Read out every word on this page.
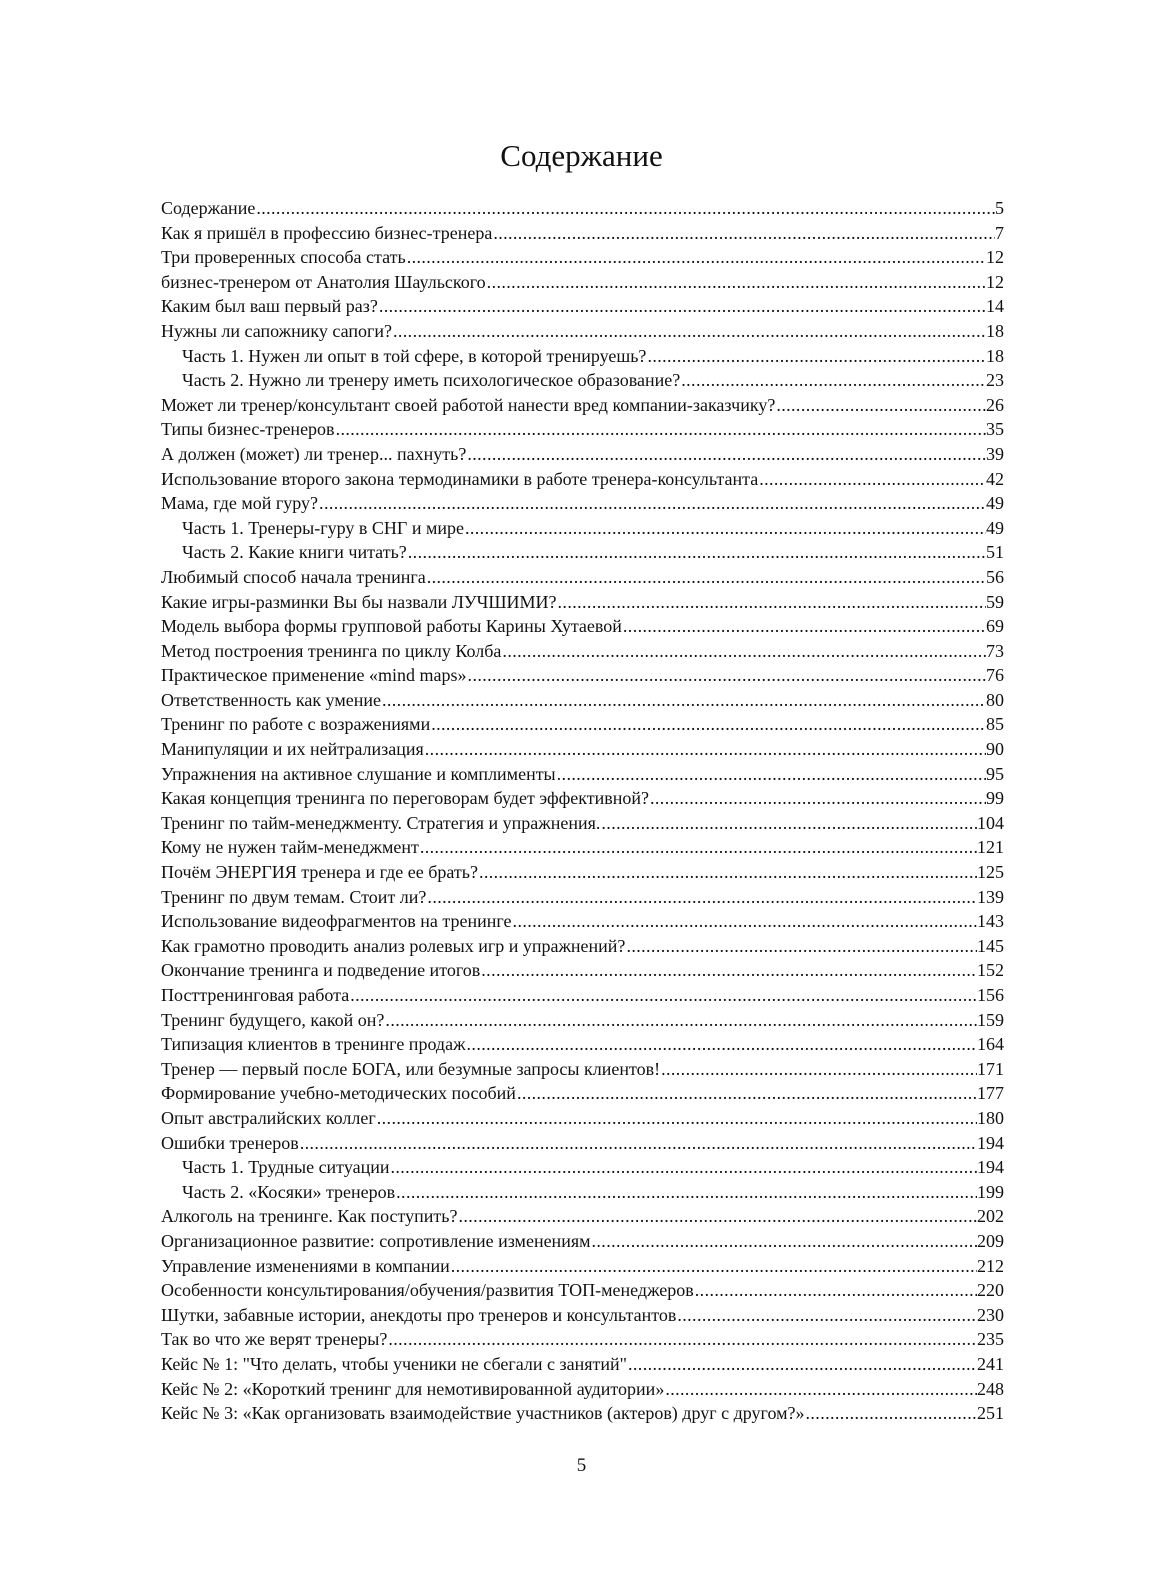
Содержание
Содержание .....	5
Как я пришёл в профессию бизнес-тренера .....	7
Три проверенных способа стать .....	12
бизнес-тренером от Анатолия Шаульского .....	12
Каким был ваш первый раз? .....	14
Нужны ли сапожнику сапоги? .....	18
Часть 1. Нужен ли опыт в той сфере, в которой тренируешь? .....	18
Часть 2. Нужно ли тренеру иметь психологическое образование? .....	23
Может ли тренер/консультант своей работой нанести вред компании-заказчику? .....	26
Типы бизнес-тренеров .....	35
А должен (может) ли тренер... пахнуть? .....	39
Использование второго закона термодинамики в работе тренера-консультанта .....	42
Мама, где мой гуру? .....	49
Часть 1. Тренеры-гуру в СНГ и мире .....	49
Часть 2. Какие книги читать? .....	51
Любимый способ начала тренинга .....	56
Какие игры-разминки Вы бы назвали ЛУЧШИМИ? .....	59
Модель выбора формы групповой работы Карины Хутаевой .....	69
Метод построения тренинга по циклу Колба .....	73
Практическое применение «mind maps» .....	76
Ответственность как умение .....	80
Тренинг по работе с возражениями .....	85
Манипуляции и их нейтрализация .....	90
Упражнения на активное слушание и комплименты .....	95
Какая концепция тренинга по переговорам будет эффективной? .....	99
Тренинг по тайм-менеджменту. Стратегия и упражнения. .....	104
Кому не нужен тайм-менеджмент .....	121
Почём ЭНЕРГИЯ тренера и где ее брать? .....	125
Тренинг по двум темам. Стоит ли? .....	139
Использование видеофрагментов на тренинге .....	143
Как грамотно проводить анализ ролевых игр и упражнений? .....	145
Окончание тренинга и подведение итогов .....	152
Посттренинговая работа .....	156
Тренинг будущего, какой он? .....	159
Типизация клиентов в тренинге продаж .....	164
Тренер — первый после БОГА, или безумные запросы клиентов! .....	171
Формирование учебно-методических пособий .....	177
Опыт австралийских коллег .....	180
Ошибки тренеров .....	194
Часть 1. Трудные ситуации .....	194
Часть 2. «Косяки» тренеров .....	199
Алкоголь на тренинге. Как поступить? .....	202
Организационное развитие: сопротивление изменениям .....	209
Управление изменениями в компании .....	212
Особенности консультирования/обучения/развития ТОП-менеджеров .....	220
Шутки, забавные истории, анекдоты про тренеров и консультантов .....	230
Так во что же верят тренеры? .....	235
Кейс № 1: "Что делать, чтобы ученики не сбегали с занятий" .....	241
Кейс № 2: «Короткий тренинг для немотивированной аудитории» .....	248
Кейс № 3: «Как организовать взаимодействие участников (актеров) друг с другом?» .....	251
5
